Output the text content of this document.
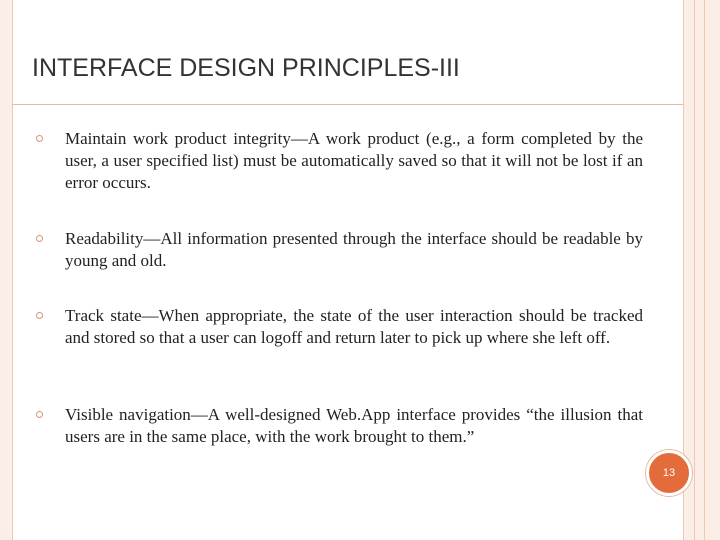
INTERFACE DESIGN PRINCIPLES-III
Maintain work product integrity—A work product (e.g., a form completed by the user, a user specified list) must be automatically saved so that it will not be lost if an error occurs.
Readability—All information presented through the interface should be readable by young and old.
Track state—When appropriate, the state of the user interaction should be tracked and stored so that a user can logoff and return later to pick up where she left off.
Visible navigation—A well-designed Web.App interface provides “the illusion that users are in the same place, with the work brought to them.”
13
